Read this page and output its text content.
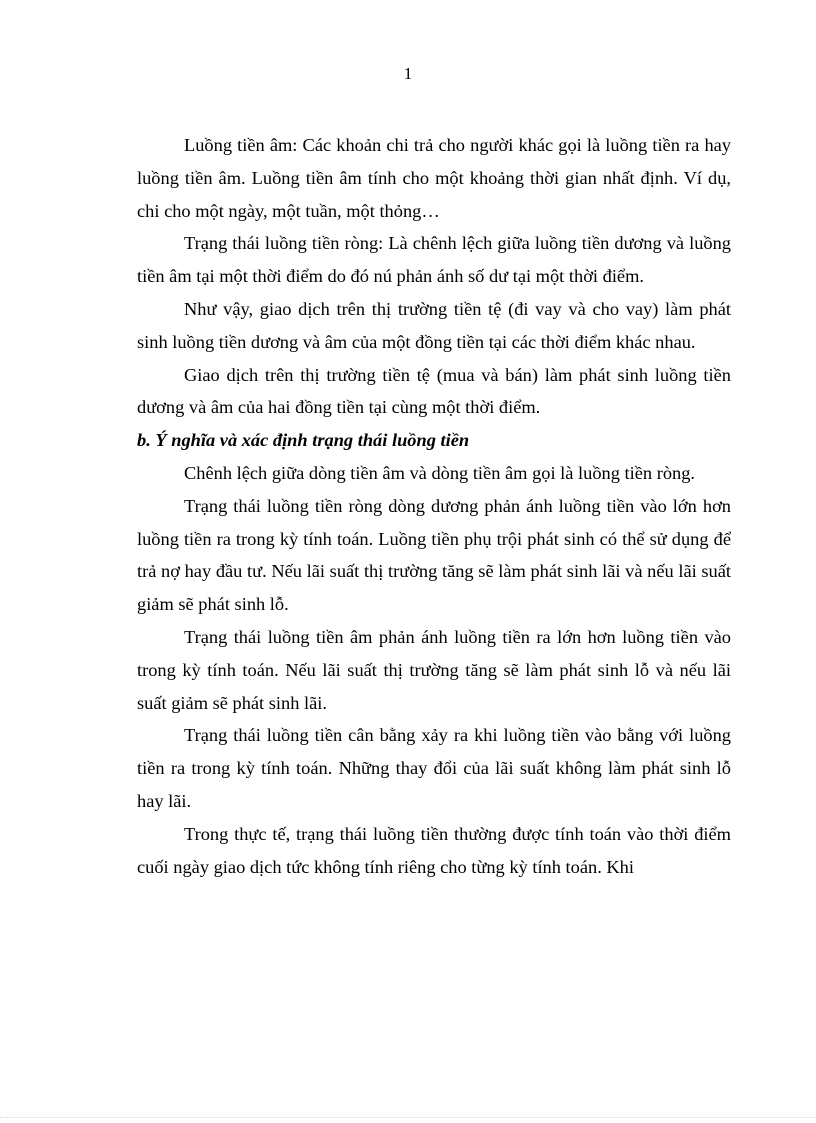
1

Luồng tiền âm: Các khoản chi trả cho người khác gọi là luồng tiền ra hay luồng tiền âm. Luồng tiền âm tính cho một khoảng thời gian nhất định. Ví dụ, chi cho một ngày, một tuần, một thỏng…

Trạng thái luồng tiền ròng: Là chênh lệch giữa luồng tiền dương và luồng tiền âm tại một thời điểm do đó nú phản ánh số dư tại một thời điểm.

Như vậy, giao dịch trên thị trường tiền tệ (đi vay và cho vay) làm phát sinh luồng tiền dương và âm của một đồng tiền tại các thời điểm khác nhau.

Giao dịch trên thị trường tiền tệ (mua và bán) làm phát sinh luồng tiền dương và âm của hai đồng tiền tại cùng một thời điểm.

b. Ý nghĩa và xác định trạng thái luồng tiền

Chênh lệch giữa dòng tiền âm và dòng tiền âm gọi là luồng tiền ròng.

Trạng thái luồng tiền ròng dòng dương phản ánh luồng tiền vào lớn hơn luồng tiền ra trong kỳ tính toán. Luồng tiền phụ trội phát sinh có thể sử dụng để trả nợ hay đầu tư. Nếu lãi suất thị trường tăng sẽ làm phát sinh lãi và nếu lãi suất giảm sẽ phát sinh lỗ.

Trạng thái luồng tiền âm phản ánh luồng tiền ra lớn hơn luồng tiền vào trong kỳ tính toán. Nếu lãi suất thị trường tăng sẽ làm phát sinh lỗ và nếu lãi suất giảm sẽ phát sinh lãi.

Trạng thái luồng tiền cân bằng xảy ra khi luồng tiền vào bằng với luồng tiền ra trong kỳ tính toán. Những thay đổi của lãi suất không làm phát sinh lỗ hay lãi.

Trong thực tế, trạng thái luồng tiền thường được tính toán vào thời điểm cuối ngày giao dịch tức không tính riêng cho từng kỳ tính toán. Khi
